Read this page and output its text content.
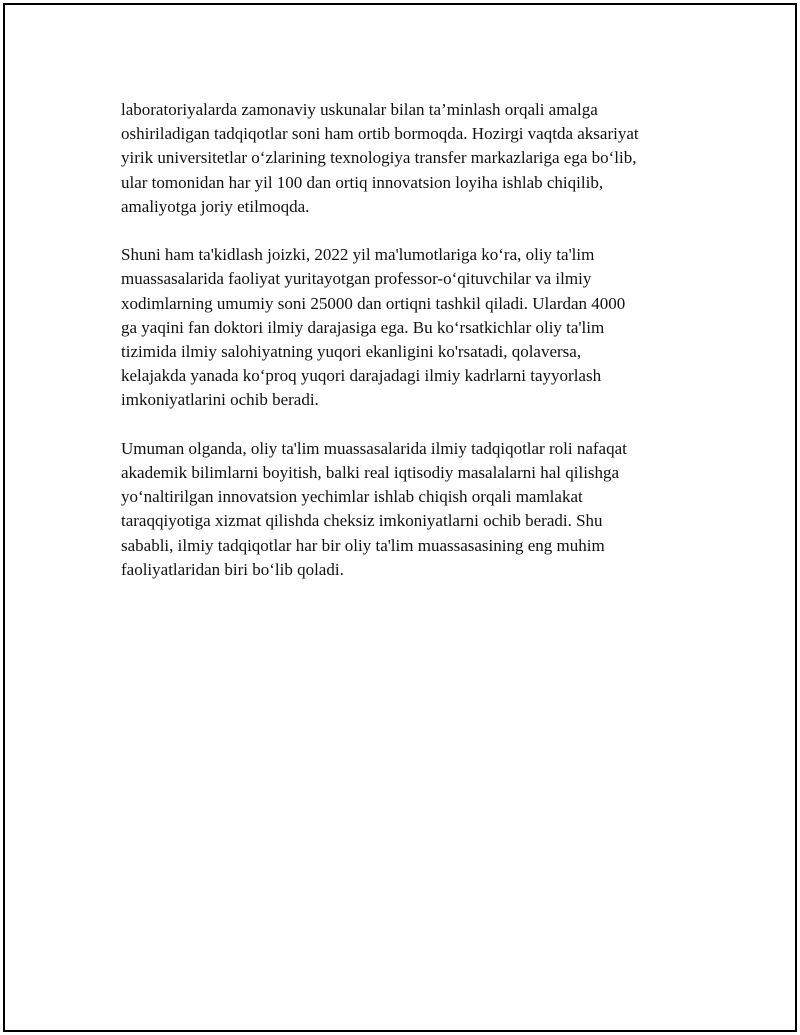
laboratoriyalarda zamonaviy uskunalar bilan ta’minlash orqali amalga
oshiriladigan tadqiqotlar soni ham ortib bormoqda. Hozirgi vaqtda aksariyat
yirik universitetlar o‘zlarining texnologiya transfer markazlariga ega bo‘lib,
ular tomonidan har yil 100 dan ortiq innovatsion loyiha ishlab chiqilib,
amaliyotga joriy etilmoqda.

Shuni ham ta'kidlash joizki, 2022 yil ma'lumotlariga ko‘ra, oliy ta'lim
muassasalarida faoliyat yuritayotgan professor-o‘qituvchilar va ilmiy
xodimlarning umumiy soni 25000 dan ortiqni tashkil qiladi. Ulardan 4000
ga yaqini fan doktori ilmiy darajasiga ega. Bu ko‘rsatkichlar oliy ta'lim
tizimida ilmiy salohiyatning yuqori ekanligini ko'rsatadi, qolaversa,
kelajakda yanada ko‘proq yuqori darajadagi ilmiy kadrlarni tayyorlash
imkoniyatlarini ochib beradi.

Umuman olganda, oliy ta'lim muassasalarida ilmiy tadqiqotlar roli nafaqat
akademik bilimlarni boyitish, balki real iqtisodiy masalalarni hal qilishga
yo‘naltirilgan innovatsion yechimlar ishlab chiqish orqali mamlakat
taraqqiyotiga xizmat qilishda cheksiz imkoniyatlarni ochib beradi. Shu
sababli, ilmiy tadqiqotlar har bir oliy ta'lim muassasasining eng muhim
faoliyatlaridan biri bo‘lib qoladi.
